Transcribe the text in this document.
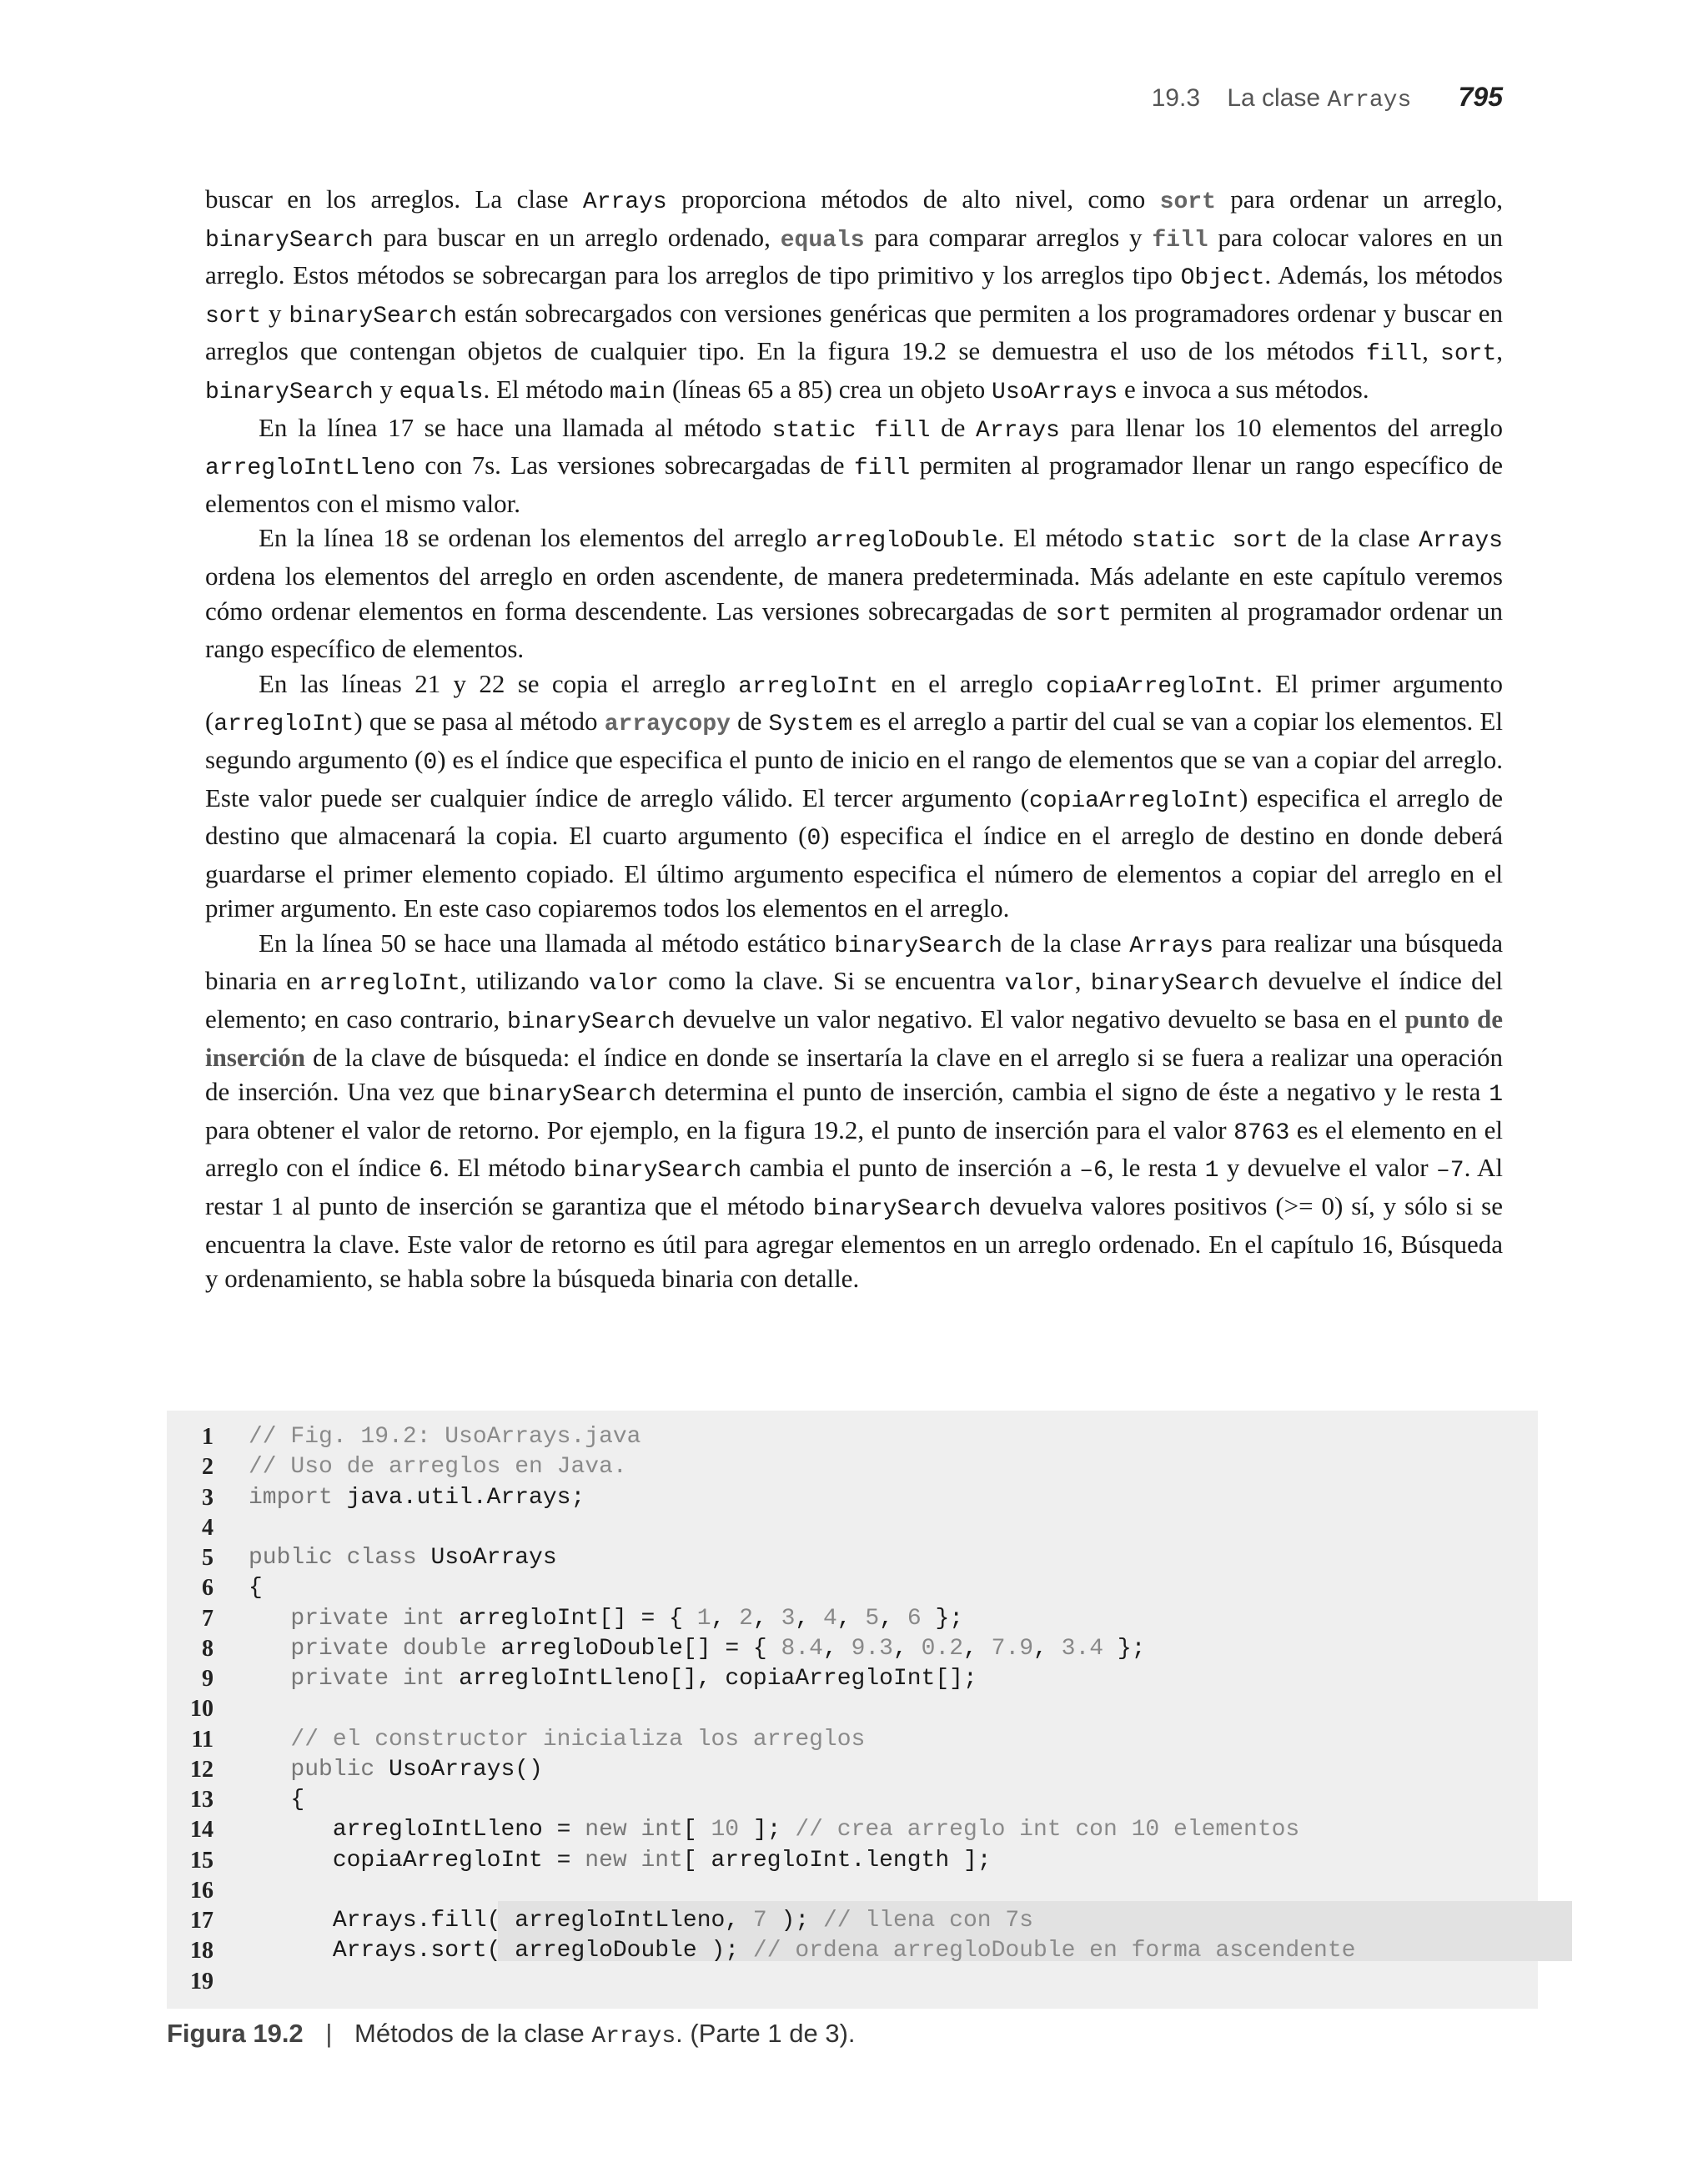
19.3 La clase Arrays 795

buscar en los arreglos. La clase Arrays proporciona métodos de alto nivel, como sort para ordenar un arreglo, binarySearch para buscar en un arreglo ordenado, equals para comparar arreglos y fill para colocar valores en un arreglo. Estos métodos se sobrecargan para los arreglos de tipo primitivo y los arreglos tipo Object. Además, los métodos sort y binarySearch están sobrecargados con versiones genéricas que permiten a los programadores ordenar y buscar en arreglos que contengan objetos de cualquier tipo. En la figura 19.2 se demuestra el uso de los métodos fill, sort, binarySearch y equals. El método main (líneas 65 a 85) crea un objeto UsoArrays e invoca a sus métodos.

En la línea 17 se hace una llamada al método static fill de Arrays para llenar los 10 elementos del arreglo arregloIntLleno con 7s. Las versiones sobrecargadas de fill permiten al programador llenar un rango específico de elementos con el mismo valor.

En la línea 18 se ordenan los elementos del arreglo arregloDouble. El método static sort de la clase Arrays ordena los elementos del arreglo en orden ascendente, de manera predeterminada. Más adelante en este capítulo veremos cómo ordenar elementos en forma descendente. Las versiones sobrecargadas de sort permiten al programador ordenar un rango específico de elementos.

En las líneas 21 y 22 se copia el arreglo arregloInt en el arreglo copiaArregloInt. El primer argumento (arregloInt) que se pasa al método arraycopy de System es el arreglo a partir del cual se van a copiar los elementos. El segundo argumento (0) es el índice que especifica el punto de inicio en el rango de elementos que se van a copiar del arreglo. Este valor puede ser cualquier índice de arreglo válido. El tercer argumento (copiaArregloInt) especifica el arreglo de destino que almacenará la copia. El cuarto argumento (0) especifica el índice en el arreglo de destino en donde deberá guardarse el primer elemento copiado. El último argumento especifica el número de elementos a copiar del arreglo en el primer argumento. En este caso copiaremos todos los elementos en el arreglo.

En la línea 50 se hace una llamada al método estático binarySearch de la clase Arrays para realizar una búsqueda binaria en arregloInt, utilizando valor como la clave. Si se encuentra valor, binarySearch devuelve el índice del elemento; en caso contrario, binarySearch devuelve un valor negativo. El valor negativo devuelto se basa en el punto de inserción de la clave de búsqueda: el índice en donde se insertaría la clave en el arreglo si se fuera a realizar una operación de inserción. Una vez que binarySearch determina el punto de inserción, cambia el signo de éste a negativo y le resta 1 para obtener el valor de retorno. Por ejemplo, en la figura 19.2, el punto de inserción para el valor 8763 es el elemento en el arreglo con el índice 6. El método binarySearch cambia el punto de inserción a –6, le resta 1 y devuelve el valor –7. Al restar 1 al punto de inserción se garantiza que el método binarySearch devuelva valores positivos (>= 0) sí, y sólo si se encuentra la clave. Este valor de retorno es útil para agregar elementos en un arreglo ordenado. En el capítulo 16, Búsqueda y ordenamiento, se habla sobre la búsqueda binaria con detalle.

1 // Fig. 19.2: UsoArrays.java
2 // Uso de arreglos en Java.
3 import java.util.Arrays;
4
5 public class UsoArrays
6 {
7	private int arregloInt[] = { 1, 2, 3, 4, 5, 6 };
8	private double arregloDouble[] = { 8.4, 9.3, 0.2, 7.9, 3.4 };
9	private int arregloIntLleno[], copiaArregloInt[];
10
11	// el constructor inicializa los arreglos
12	public UsoArrays()
13 {
14 arregloIntLleno = new int[ 10 ]; // crea arreglo int con 10 elementos
15 copiaArregloInt = new int[ arregloInt.length ];
16
17 Arrays.fill( arregloIntLleno, 7 ); // llena con 7s
18 Arrays.sort( arregloDouble ); // ordena arregloDouble en forma ascendente
19
Figura 19.2 | Métodos de la clase Arrays. (Parte 1 de 3).
